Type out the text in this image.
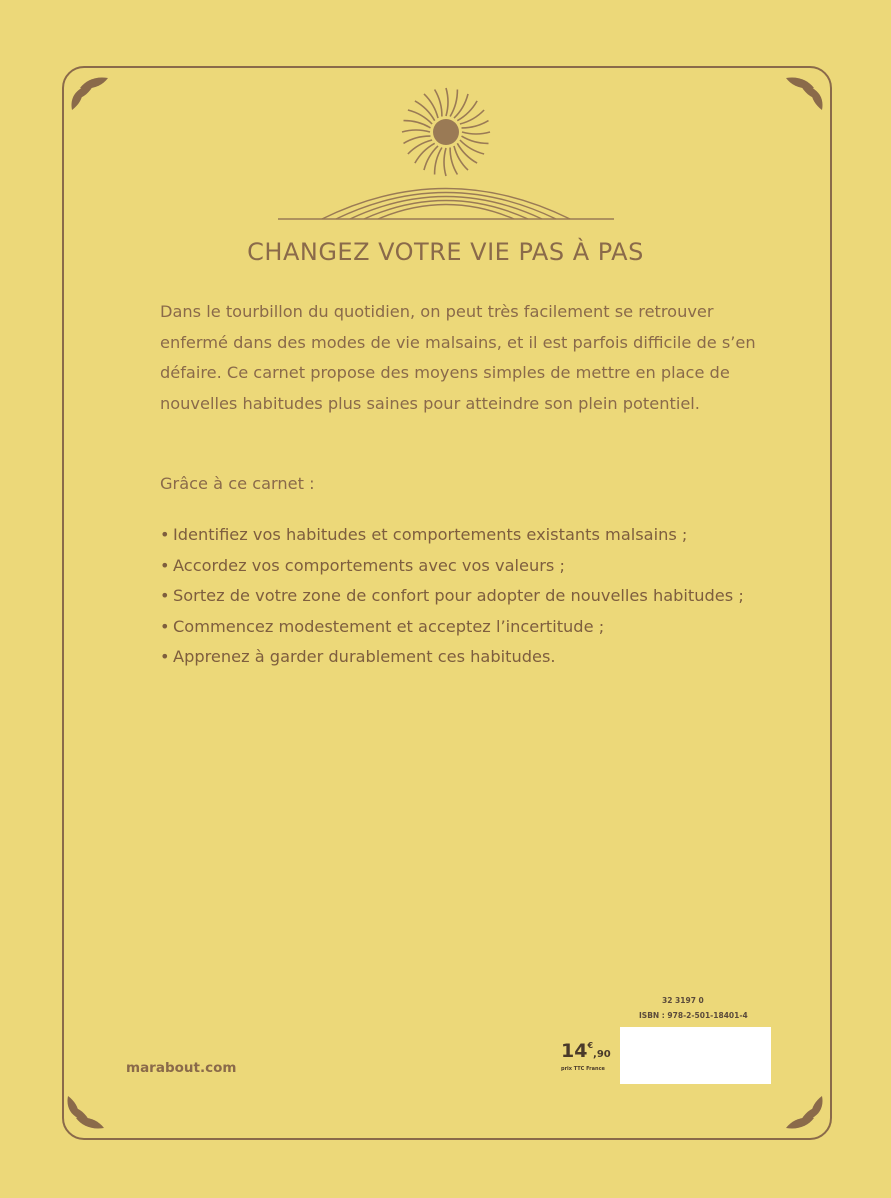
CHANGEZ VOTRE VIE PAS À PAS

Dans le tourbillon du quotidien, on peut très facilement se retrouver enfermé dans des modes de vie malsains, et il est parfois difficile de s’en défaire. Ce carnet propose des moyens simples de mettre en place de nouvelles habitudes plus saines pour atteindre son plein potentiel.

Grâce à ce carnet :

• Identifiez vos habitudes et comportements existants malsains ;
• Accordez vos comportements avec vos valeurs ;
• Sortez de votre zone de confort pour adopter de nouvelles habitudes ;
• Commencez modestement et acceptez l’incertitude ;
• Apprenez à garder durablement ces habitudes.
marabout.com
32 3197 0
ISBN : 978-2-501-18401-4
14€,90
prix TTC France
